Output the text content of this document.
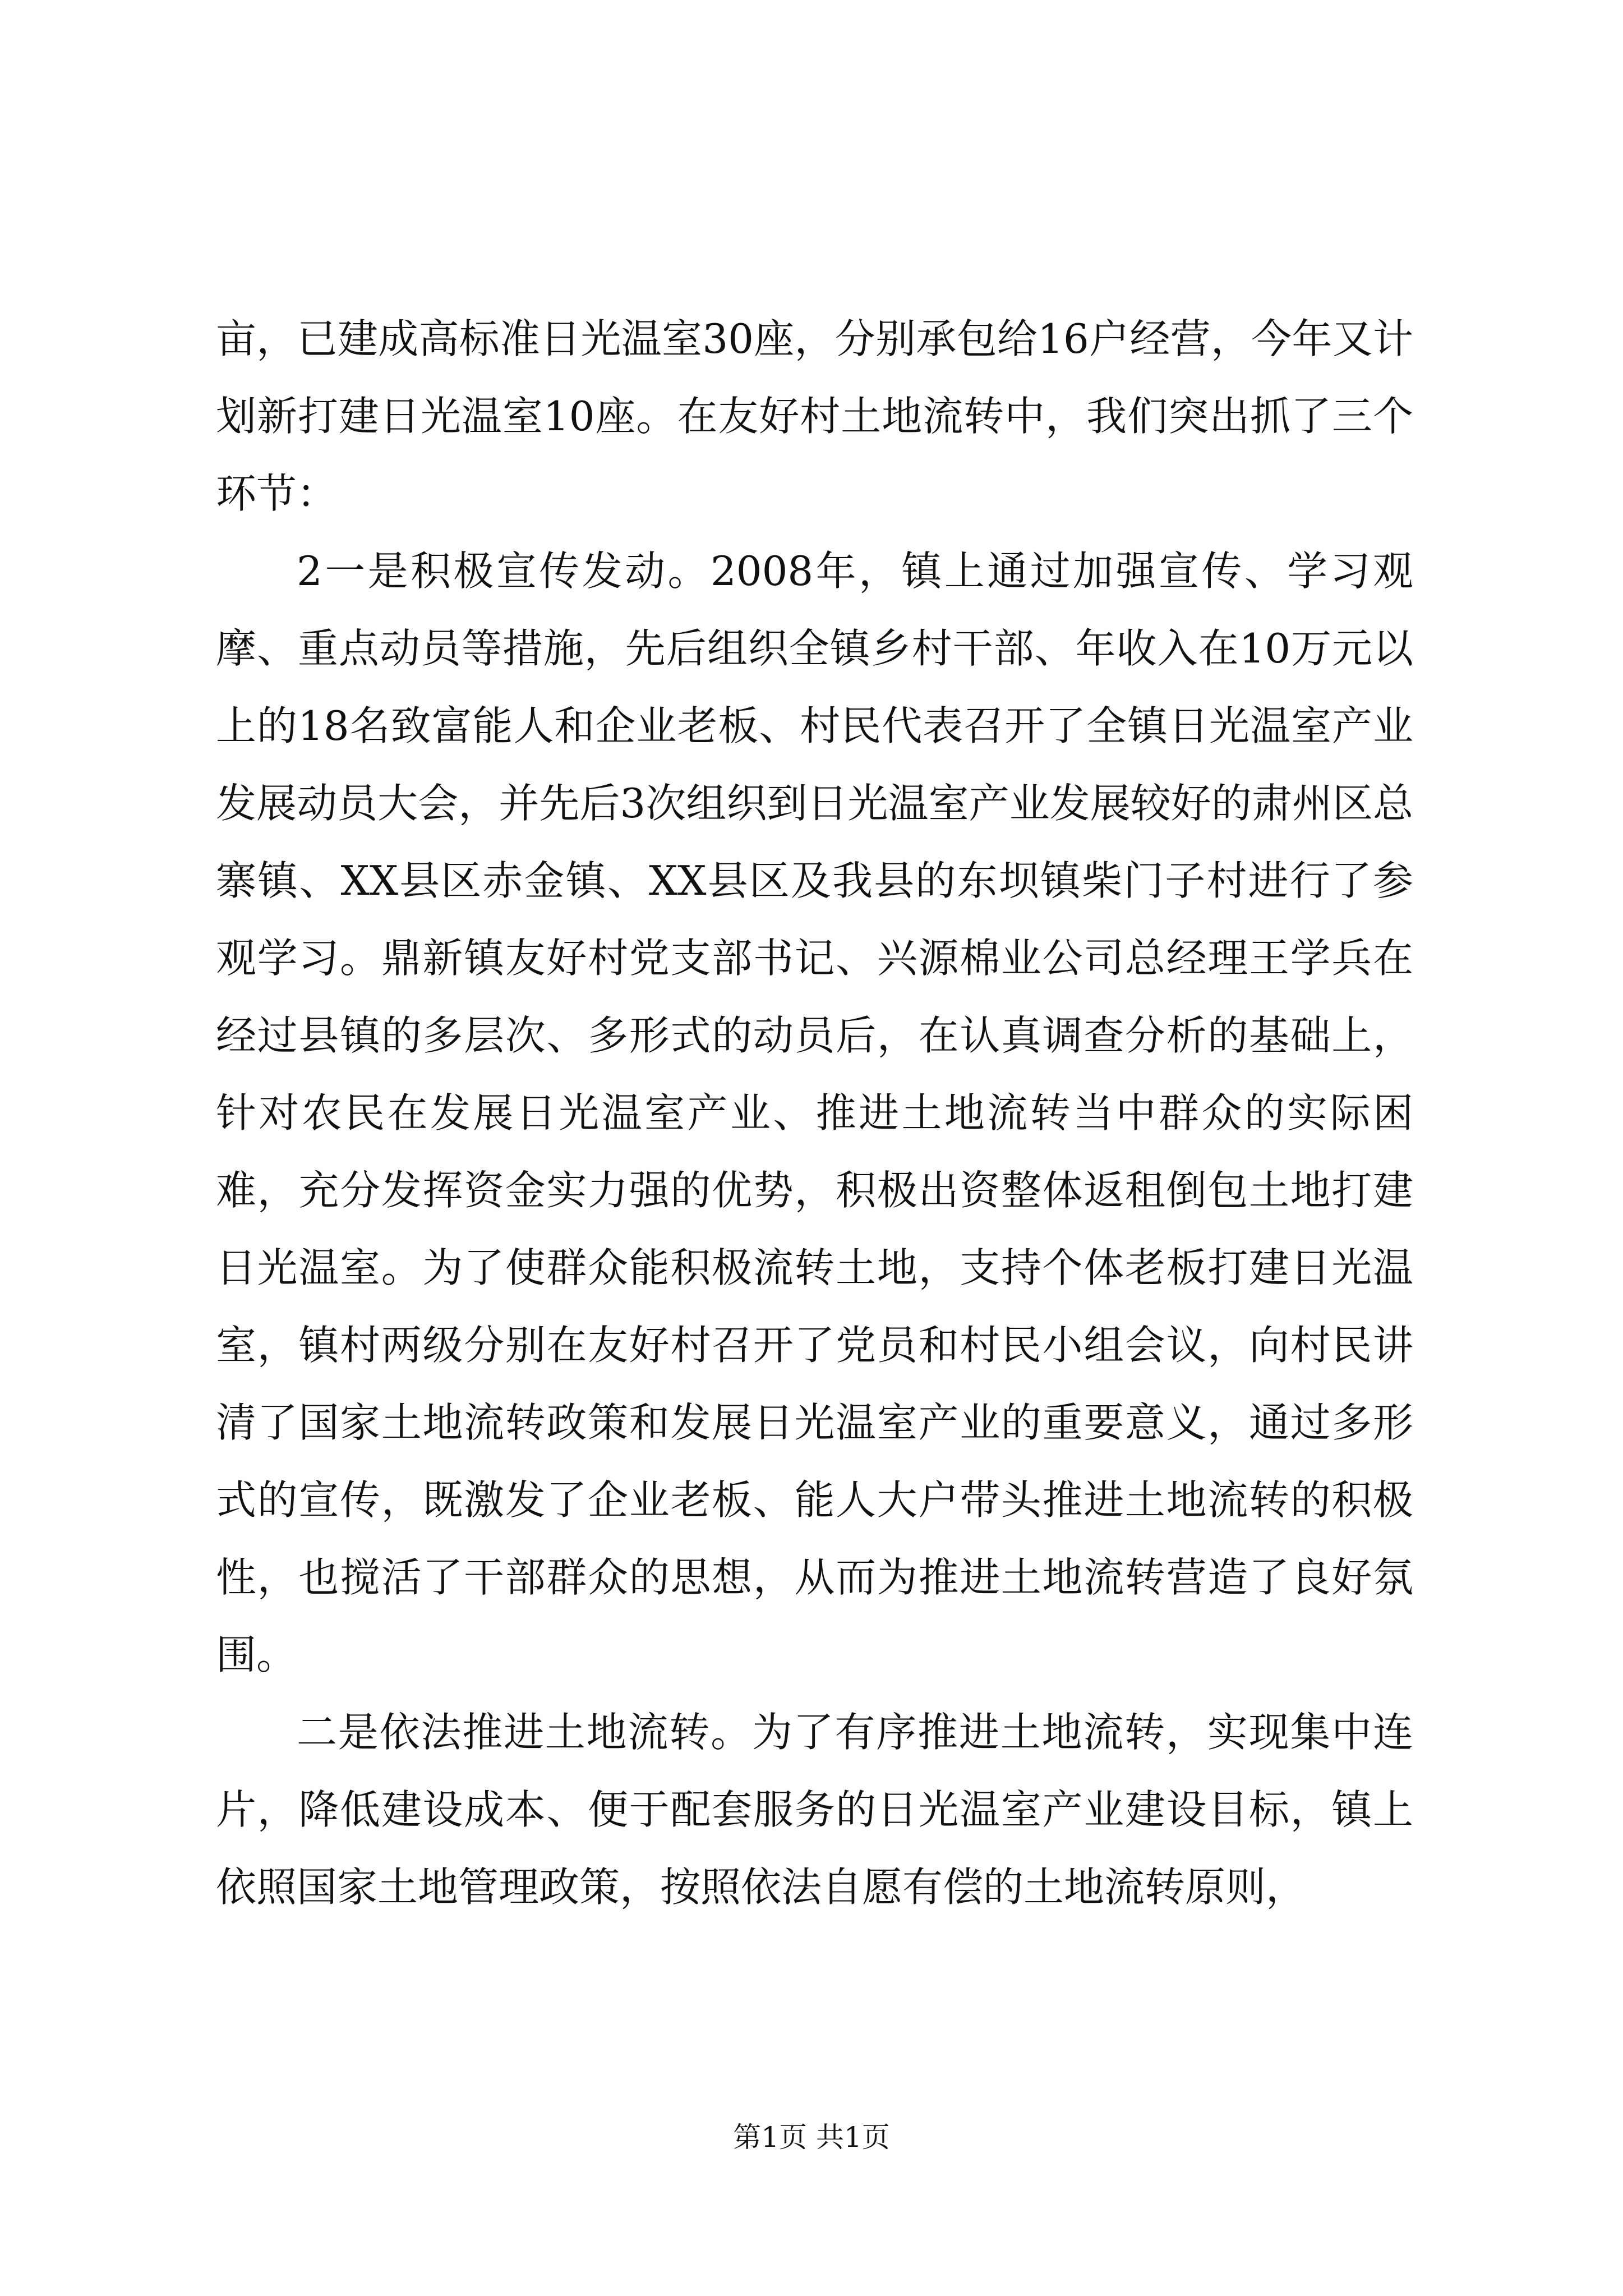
亩，已建成高标准日光温室30座，分别承包给16户经营，今年又计划新打建日光温室10座。在友好村土地流转中，我们突出抓了三个环节：

2一是积极宣传发动。2008年，镇上通过加强宣传、学习观摩、重点动员等措施，先后组织全镇乡村干部、年收入在10万元以上的18名致富能人和企业老板、村民代表召开了全镇日光温室产业发展动员大会，并先后3次组织到日光温室产业发展较好的肃州区总寨镇、XX县区赤金镇、XX县区及我县的东坝镇柴门子村进行了参观学习。鼎新镇友好村党支部书记、兴源棉业公司总经理王学兵在经过县镇的多层次、多形式的动员后，在认真调查分析的基础上，针对农民在发展日光温室产业、推进土地流转当中群众的实际困难，充分发挥资金实力强的优势，积极出资整体返租倒包土地打建日光温室。为了使群众能积极流转土地，支持个体老板打建日光温室，镇村两级分别在友好村召开了党员和村民小组会议，向村民讲清了国家土地流转政策和发展日光温室产业的重要意义，通过多形式的宣传，既激发了企业老板、能人大户带头推进土地流转的积极性，也搅活了干部群众的思想，从而为推进土地流转营造了良好氛围。

二是依法推进土地流转。为了有序推进土地流转，实现集中连片，降低建设成本、便于配套服务的日光温室产业建设目标，镇上依照国家土地管理政策，按照依法自愿有偿的土地流转原则，

第1页 共1页
